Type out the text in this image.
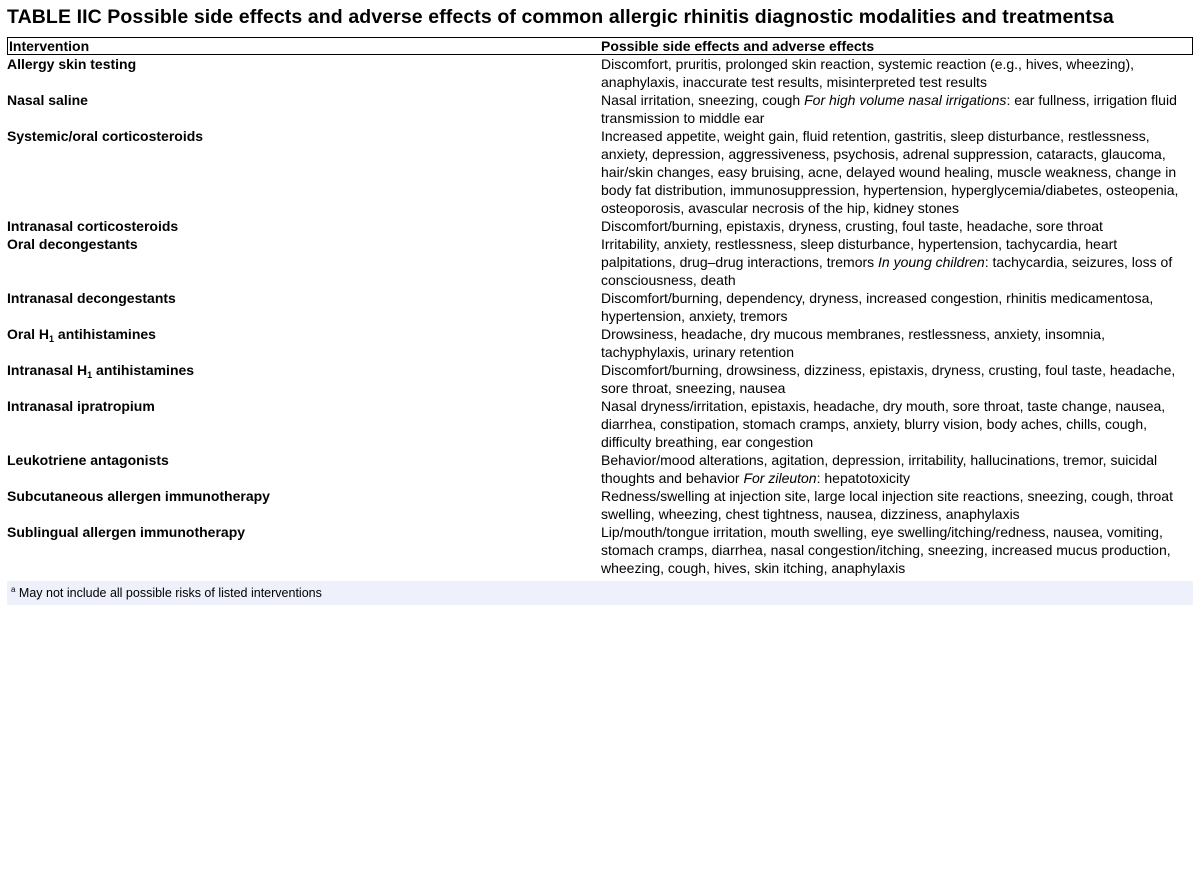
TABLE IIC Possible side effects and adverse effects of common allergic rhinitis diagnostic modalities and treatmentsa
Intervention	Possible side effects and adverse effects
Allergy skin testing	Discomfort, pruritis, prolonged skin reaction, systemic reaction (e.g., hives, wheezing), anaphylaxis, inaccurate test results, misinterpreted test results
Nasal saline	Nasal irritation, sneezing, cough For high volume nasal irrigations: ear fullness, irrigation fluid transmission to middle ear
Systemic/oral corticosteroids	Increased appetite, weight gain, fluid retention, gastritis, sleep disturbance, restlessness, anxiety, depression, aggressiveness, psychosis, adrenal suppression, cataracts, glaucoma, hair/skin changes, easy bruising, acne, delayed wound healing, muscle weakness, change in body fat distribution, immunosuppression, hypertension, hyperglycemia/diabetes, osteopenia, osteoporosis, avascular necrosis of the hip, kidney stones
Intranasal corticosteroids	Discomfort/burning, epistaxis, dryness, crusting, foul taste, headache, sore throat
Oral decongestants	Irritability, anxiety, restlessness, sleep disturbance, hypertension, tachycardia, heart palpitations, drug–drug interactions, tremors In young children: tachycardia, seizures, loss of consciousness, death
Intranasal decongestants	Discomfort/burning, dependency, dryness, increased congestion, rhinitis medicamentosa, hypertension, anxiety, tremors
Oral $H_1$ antihistamines	Drowsiness, headache, dry mucous membranes, restlessness, anxiety, insomnia, tachyphylaxis, urinary retention
Intranasal $H_1$ antihistamines	Discomfort/burning, drowsiness, dizziness, epistaxis, dryness, crusting, foul taste, headache, sore throat, sneezing, nausea
Intranasal ipratropium	Nasal dryness/irritation, epistaxis, headache, dry mouth, sore throat, taste change, nausea, diarrhea, constipation, stomach cramps, anxiety, blurry vision, body aches, chills, cough, difficulty breathing, ear congestion
Leukotriene antagonists	Behavior/mood alterations, agitation, depression, irritability, hallucinations, tremor, suicidal thoughts and behavior For zileuton: hepatotoxicity
Subcutaneous allergen immunotherapy	Redness/swelling at injection site, large local injection site reactions, sneezing, cough, throat swelling, wheezing, chest tightness, nausea, dizziness, anaphylaxis
Sublingual allergen immunotherapy	Lip/mouth/tongue irritation, mouth swelling, eye swelling/itching/redness, nausea, vomiting, stomach cramps, diarrhea, nasal congestion/itching, sneezing, increased mucus production, wheezing, cough, hives, skin itching, anaphylaxis
$^a$ May not include all possible risks of listed interventions
